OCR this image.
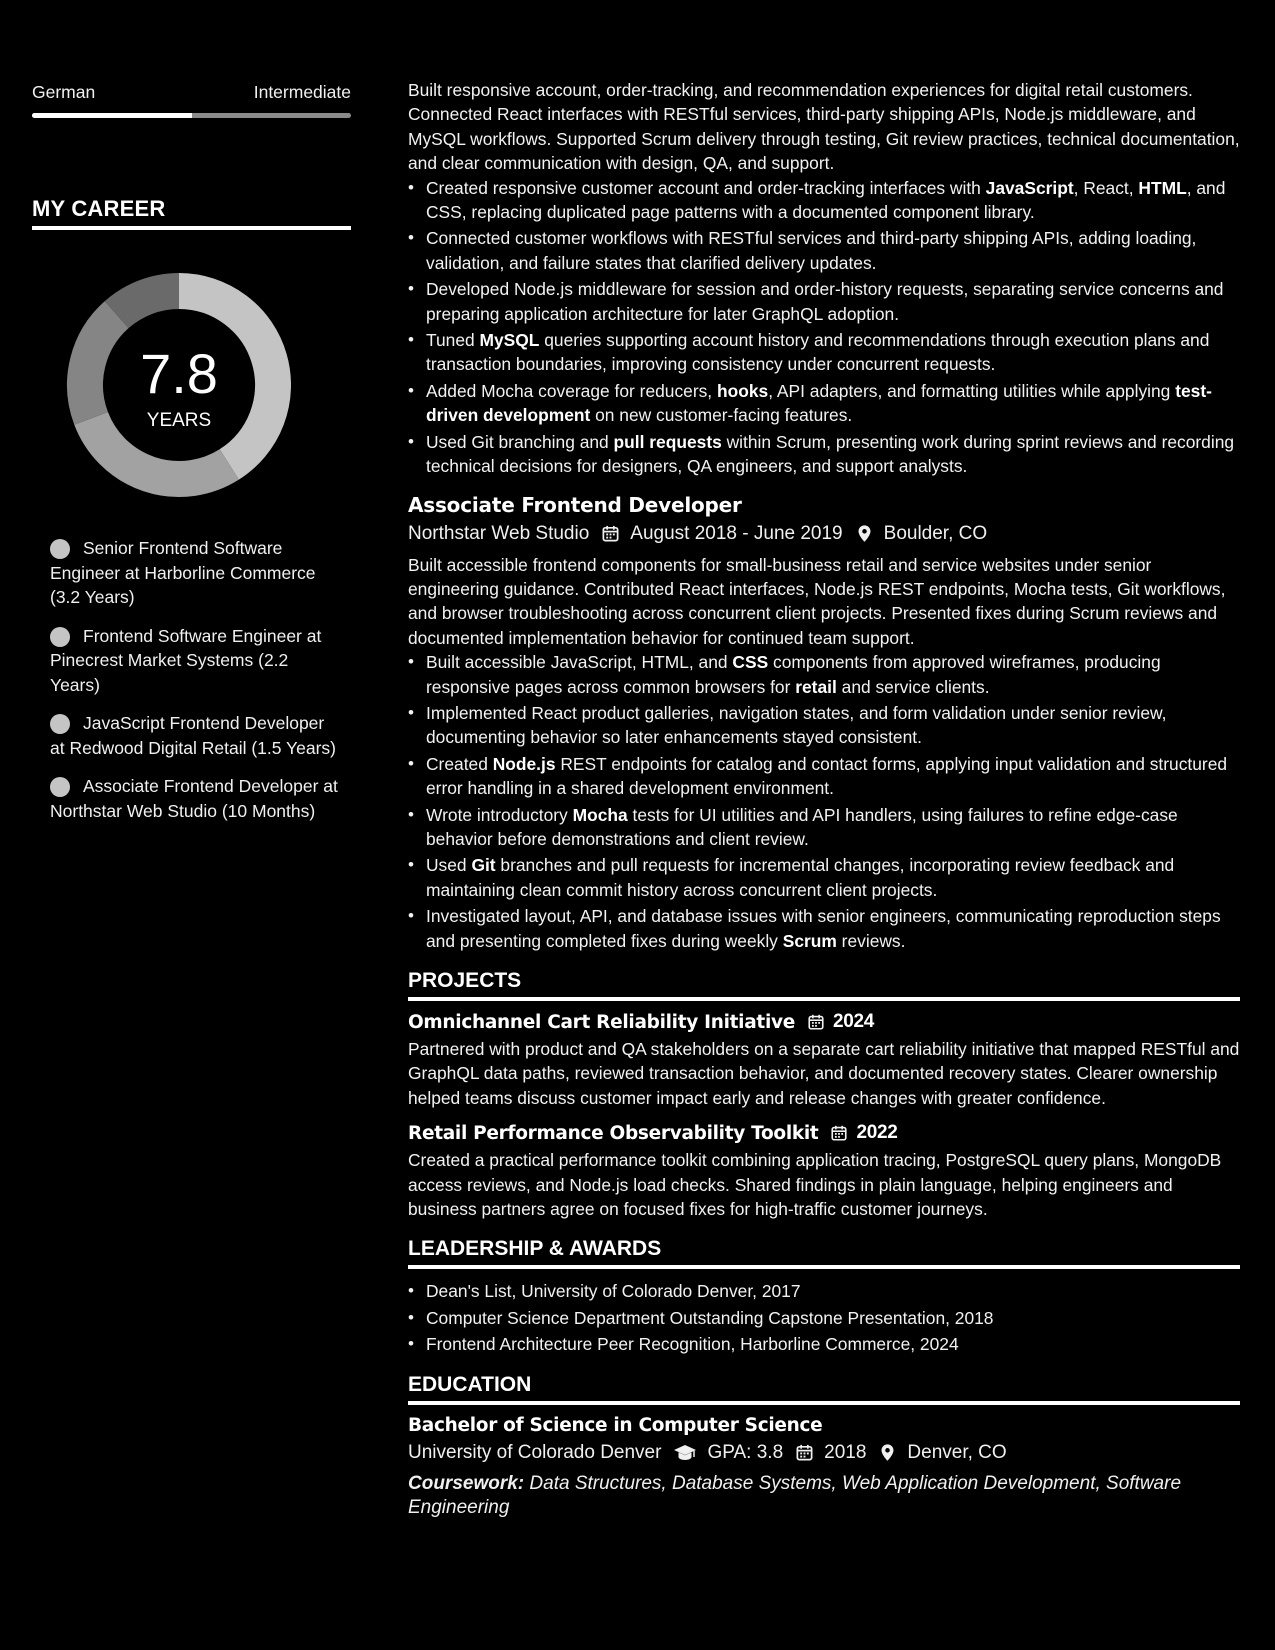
German	Intermediate
MY CAREER
7.8
YEARS
Senior Frontend Software Engineer at Harborline Commerce (3.2 Years)
Frontend Software Engineer at Pinecrest Market Systems (2.2 Years)
JavaScript Frontend Developer at Redwood Digital Retail (1.5 Years)
Associate Frontend Developer at Northstar Web Studio (10 Months)

Built responsive account, order-tracking, and recommendation experiences for digital retail customers. Connected React interfaces with RESTful services, third-party shipping APIs, Node.js middleware, and MySQL workflows. Supported Scrum delivery through testing, Git review practices, technical documentation, and clear communication with design, QA, and support.

• Created responsive customer account and order-tracking interfaces with JavaScript, React, HTML, and CSS, replacing duplicated page patterns with a documented component library.
• Connected customer workflows with RESTful services and third-party shipping APIs, adding loading, validation, and failure states that clarified delivery updates.
• Developed Node.js middleware for session and order-history requests, separating service concerns and preparing application architecture for later GraphQL adoption.
• Tuned MySQL queries supporting account history and recommendations through execution plans and transaction boundaries, improving consistency under concurrent requests.
• Added Mocha coverage for reducers, hooks, API adapters, and formatting utilities while applying test-driven development on new customer-facing features.
• Used Git branching and pull requests within Scrum, presenting work during sprint reviews and recording technical decisions for designers, QA engineers, and support analysts.
Associate Frontend Developer
Northstar Web Studio August 2018 - June 2019 Boulder, CO

Built accessible frontend components for small-business retail and service websites under senior engineering guidance. Contributed React interfaces, Node.js REST endpoints, Mocha tests, Git workflows, and browser troubleshooting across concurrent client projects. Presented fixes during Scrum reviews and documented implementation behavior for continued team support.

• Built accessible JavaScript, HTML, and CSS components from approved wireframes, producing responsive pages across common browsers for retail and service clients.
• Implemented React product galleries, navigation states, and form validation under senior review, documenting behavior so later enhancements stayed consistent.
• Created Node.js REST endpoints for catalog and contact forms, applying input validation and structured error handling in a shared development environment.
• Wrote introductory Mocha tests for UI utilities and API handlers, using failures to refine edge-case behavior before demonstrations and client review.
• Used Git branches and pull requests for incremental changes, incorporating review feedback and maintaining clean commit history across concurrent client projects.
• Investigated layout, API, and database issues with senior engineers, communicating reproduction steps and presenting completed fixes during weekly Scrum reviews.
PROJECTS
Omnichannel Cart Reliability Initiative 2024

Partnered with product and QA stakeholders on a separate cart reliability initiative that mapped RESTful and GraphQL data paths, reviewed transaction behavior, and documented recovery states. Clearer ownership helped teams discuss customer impact early and release changes with greater confidence.

Retail Performance Observability Toolkit 2022

Created a practical performance toolkit combining application tracing, PostgreSQL query plans, MongoDB access reviews, and Node.js load checks. Shared findings in plain language, helping engineers and business partners agree on focused fixes for high-traffic customer journeys.

LEADERSHIP & AWARDS
• Dean's List, University of Colorado Denver, 2017
• Computer Science Department Outstanding Capstone Presentation, 2018
• Frontend Architecture Peer Recognition, Harborline Commerce, 2024
EDUCATION
Bachelor of Science in Computer Science
University of Colorado Denver GPA: 3.8 2018 Denver, CO
Coursework: Data Structures, Database Systems, Web Application Development, Software Engineering
